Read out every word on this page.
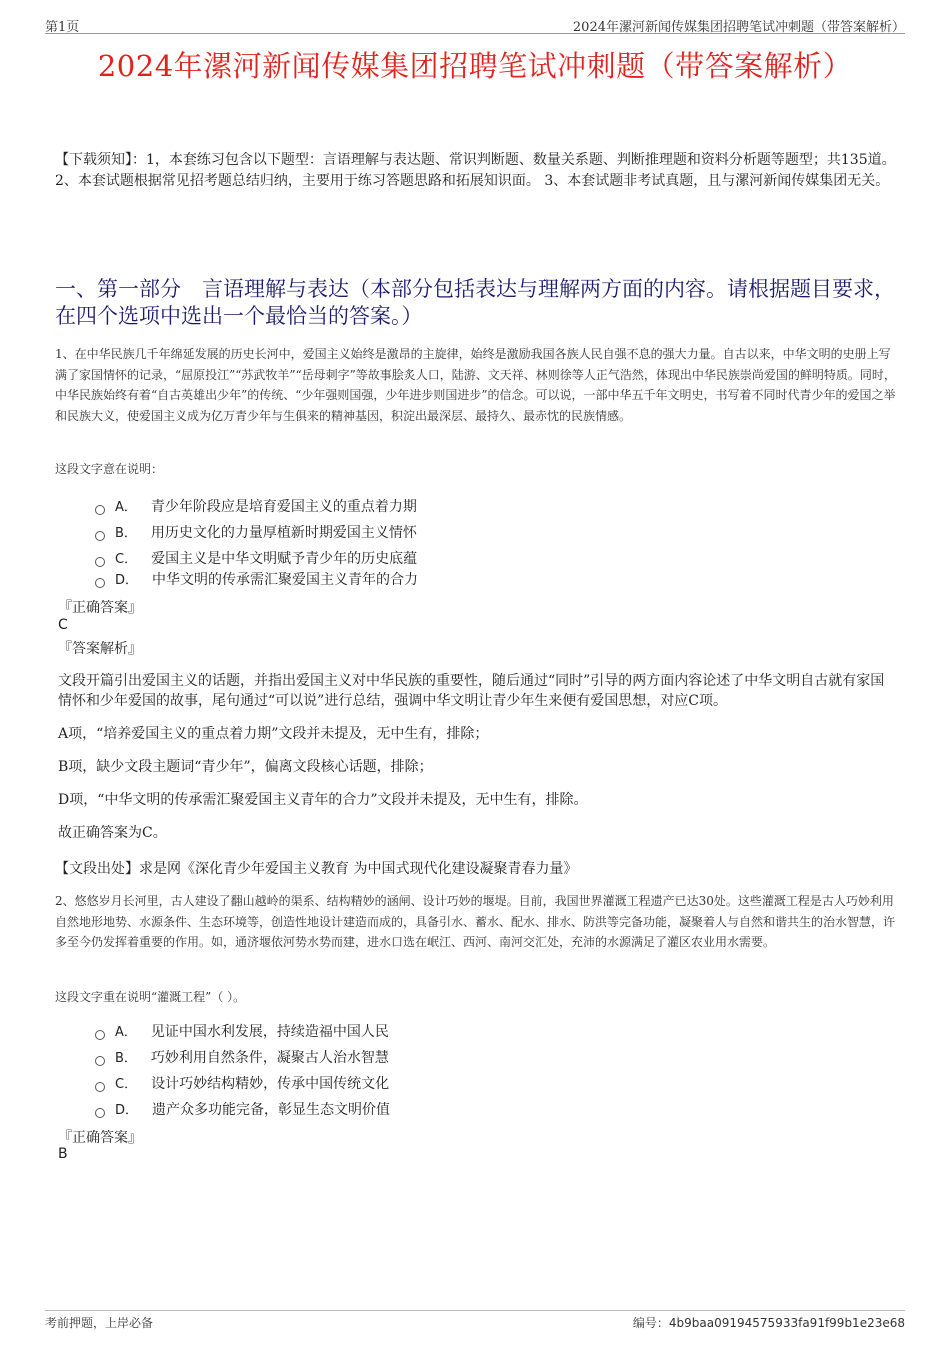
第1页	2024年漯河新闻传媒集团招聘笔试冲刺题（带答案解析）
2024年漯河新闻传媒集团招聘笔试冲刺题（带答案解析）
【下载须知】：1，本套练习包含以下题型：言语理解与表达题、常识判断题、数量关系题、判断推理题和资料分析题等题型；共135道。 2、本套试题根据常见招考题总结归纳，主要用于练习答题思路和拓展知识面。 3、本套试题非考试真题，且与漯河新闻传媒集团无关。
一、第一部分　言语理解与表达（本部分包括表达与理解两方面的内容。请根据题目要求，在四个选项中选出一个最恰当的答案。）
1、在中华民族几千年绵延发展的历史长河中，爱国主义始终是激昂的主旋律，始终是激励我国各族人民自强不息的强大力量。自古以来，中华文明的史册上写满了家国情怀的记录，“屈原投江”“苏武牧羊”“岳母刺字”等故事脍炙人口，陆游、文天祥、林则徐等人正气浩然，体现出中华民族崇尚爱国的鲜明特质。同时，中华民族始终有着“自古英雄出少年”的传统、“少年强则国强，少年进步则国进步”的信念。可以说，一部中华五千年文明史，书写着不同时代青少年的爱国之举和民族大义，使爱国主义成为亿万青少年与生俱来的精神基因，积淀出最深层、最持久、最赤忱的民族情感。
这段文字意在说明：
A． 青少年阶段应是培育爱国主义的重点着力期
B． 用历史文化的力量厚植新时期爱国主义情怀
C． 爱国主义是中华文明赋予青少年的历史底蕴
D． 中华文明的传承需汇聚爱国主义青年的合力
『正确答案』
C
『答案解析』
文段开篇引出爱国主义的话题，并指出爱国主义对中华民族的重要性，随后通过“同时”引导的两方面内容论述了中华文明自古就有家国情怀和少年爱国的故事，尾句通过“可以说”进行总结，强调中华文明让青少年生来便有爱国思想，对应C项。
A项，“培养爱国主义的重点着力期”文段并未提及，无中生有，排除；
B项，缺少文段主题词“青少年”，偏离文段核心话题，排除；
D项，“中华文明的传承需汇聚爱国主义青年的合力”文段并未提及，无中生有，排除。
故正确答案为C。
【文段出处】求是网《深化青少年爱国主义教育 为中国式现代化建设凝聚青春力量》
2、悠悠岁月长河里，古人建设了翻山越岭的渠系、结构精妙的涵闸、设计巧妙的堰堤。目前，我国世界灌溉工程遗产已达30处。这些灌溉工程是古人巧妙利用自然地形地势、水源条件、生态环境等，创造性地设计建造而成的，具备引水、蓄水、配水、排水、防洪等完备功能，凝聚着人与自然和谐共生的治水智慧，许多至今仍发挥着重要的作用。如，通济堰依河势水势而建，进水口选在岷江、西河、南河交汇处，充沛的水源满足了灌区农业用水需要。
这段文字重在说明“灌溉工程”（ ）。
A． 见证中国水利发展，持续造福中国人民
B． 巧妙利用自然条件，凝聚古人治水智慧
C． 设计巧妙结构精妙，传承中国传统文化
D． 遗产众多功能完备，彰显生态文明价值
『正确答案』
B
考前押题，上岸必备	编号：4b9baa09194575933fa91f99b1e23e68
